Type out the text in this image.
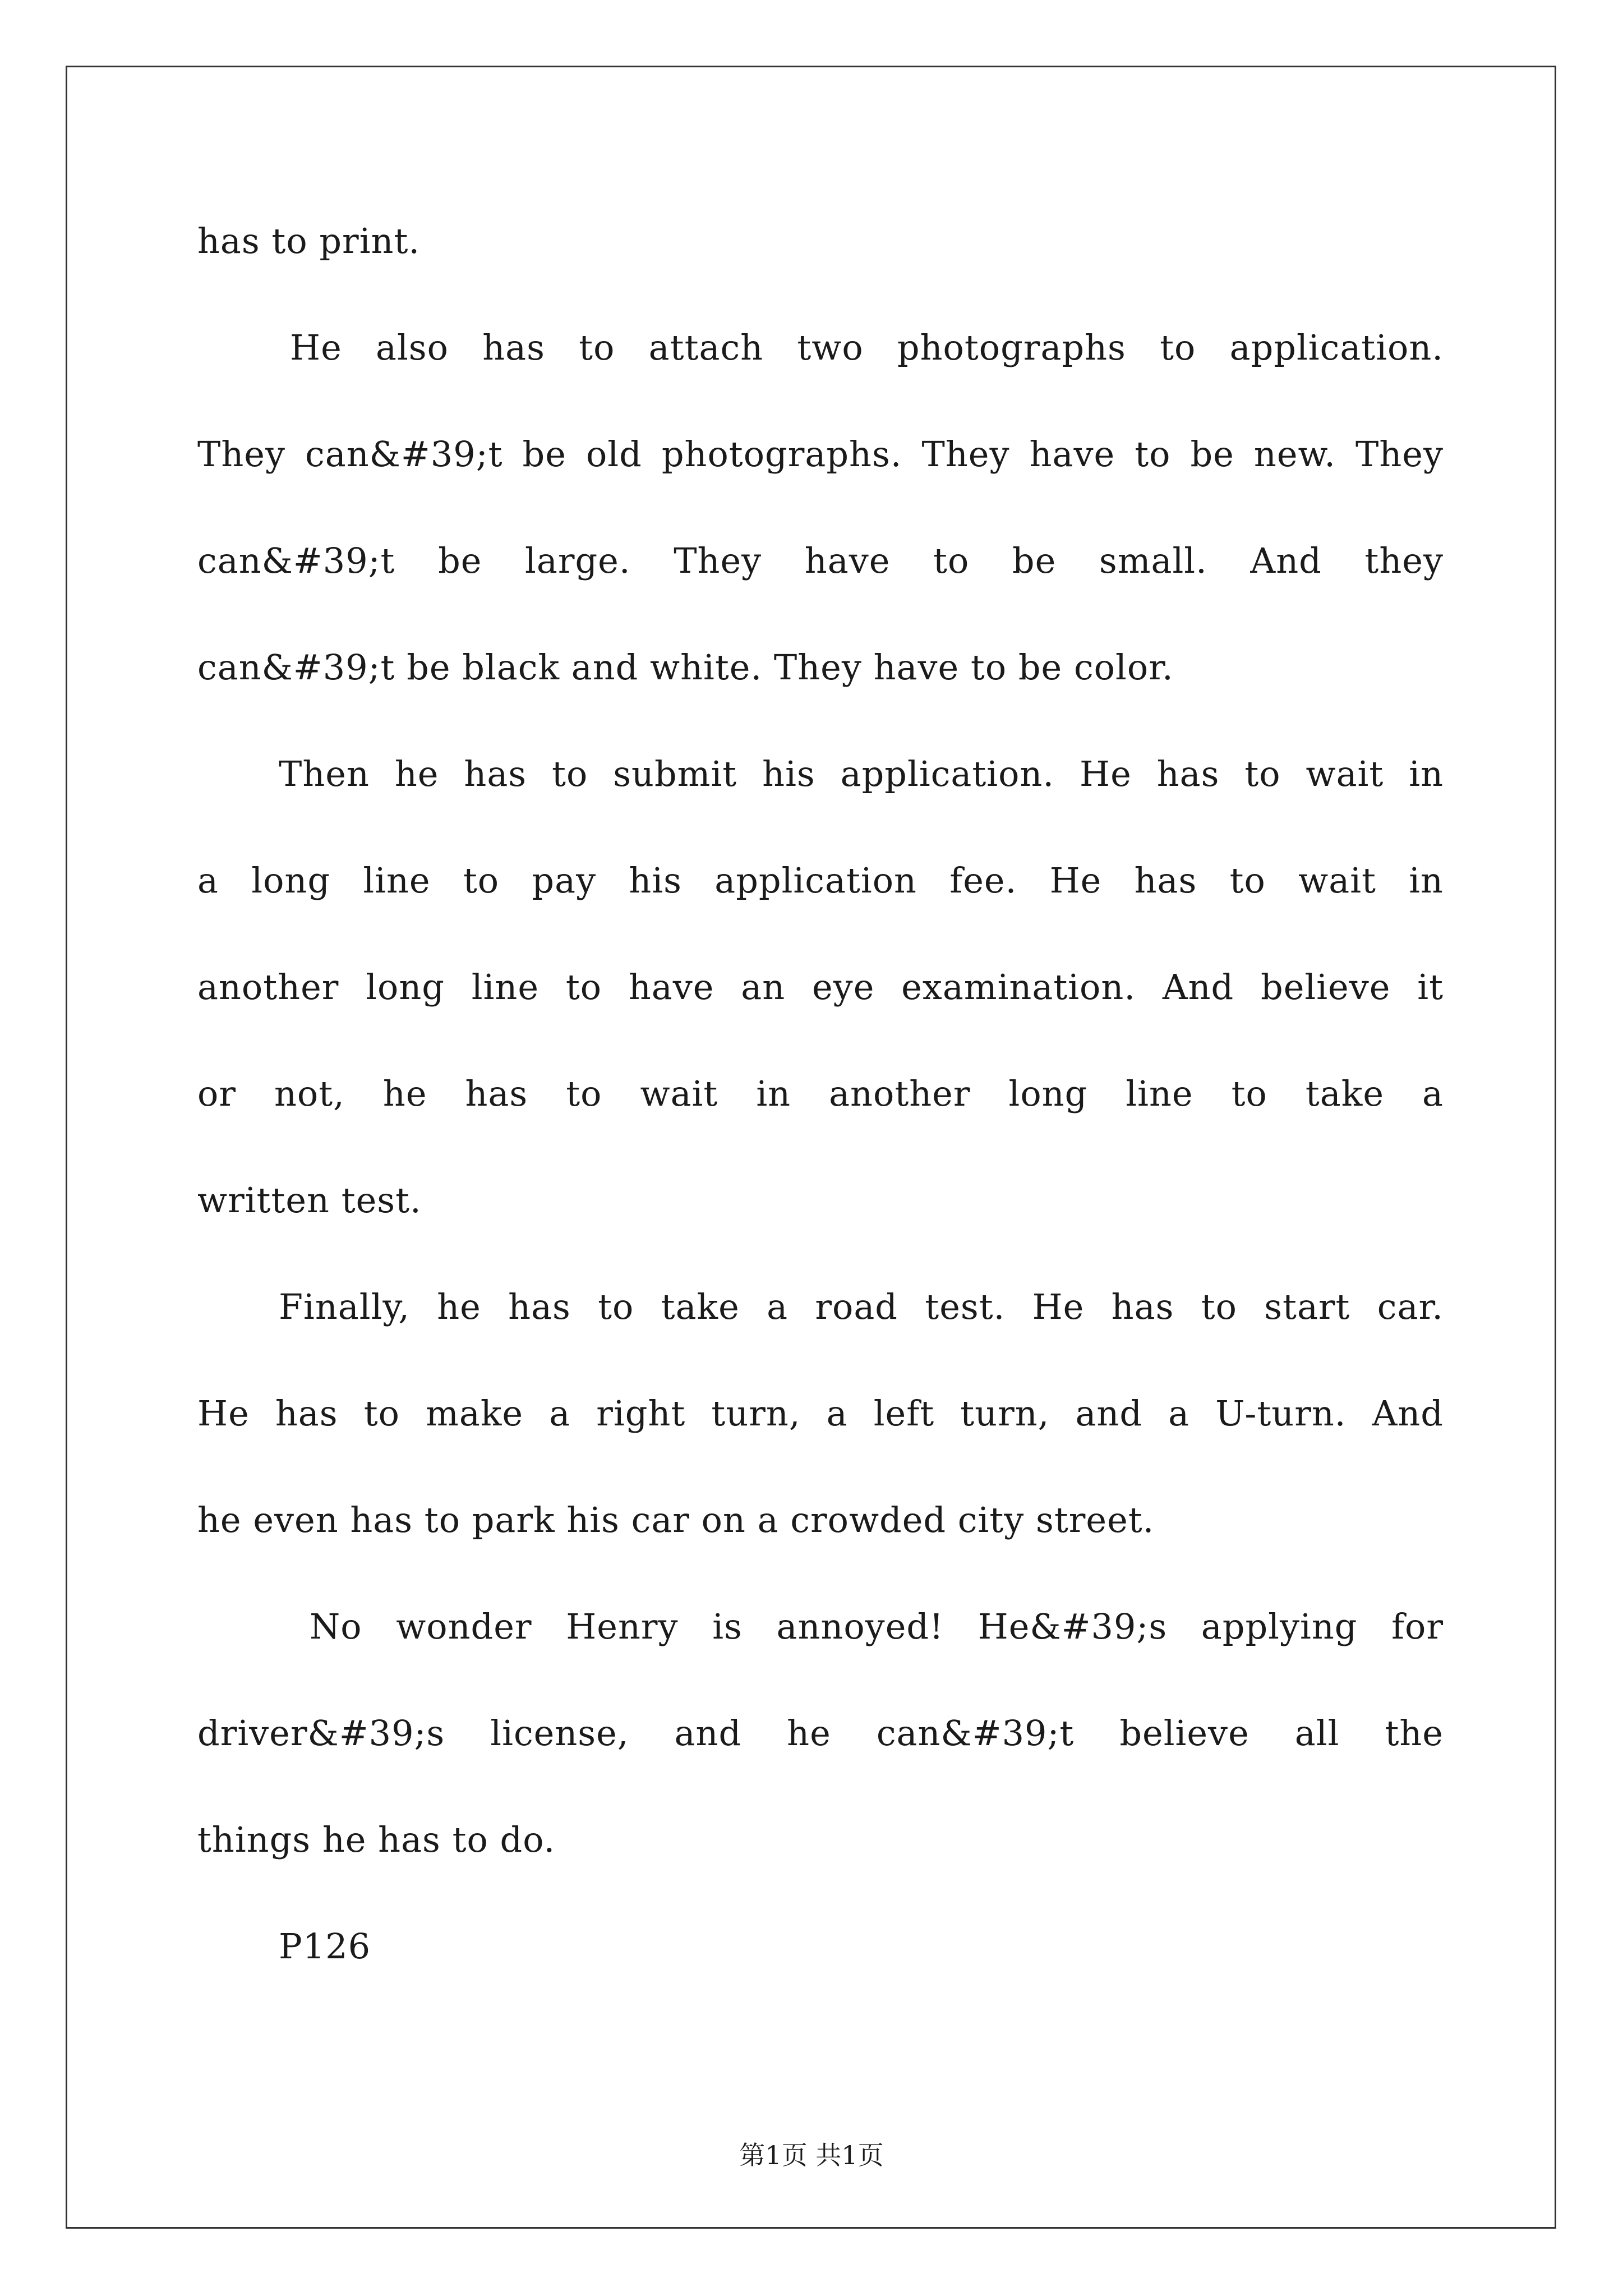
has to print.
He also has to attach two photographs to application.
They can&#39;t be old photographs. They have to be new. They
can&#39;t be large. They have to be small. And they
can&#39;t be black and white. They have to be color.
Then he has to submit his application. He has to wait in
a long line to pay his application fee. He has to wait in
another long line to have an eye examination. And believe it
or not, he has to wait in another long line to take a
written test.
Finally, he has to take a road test. He has to start car.
He has to make a right turn, a left turn, and a U-turn. And
he even has to park his car on a crowded city street.
No wonder Henry is annoyed! He&#39;s applying for
driver&#39;s license, and he can&#39;t believe all the
things he has to do.
P126
第1页 共1页
